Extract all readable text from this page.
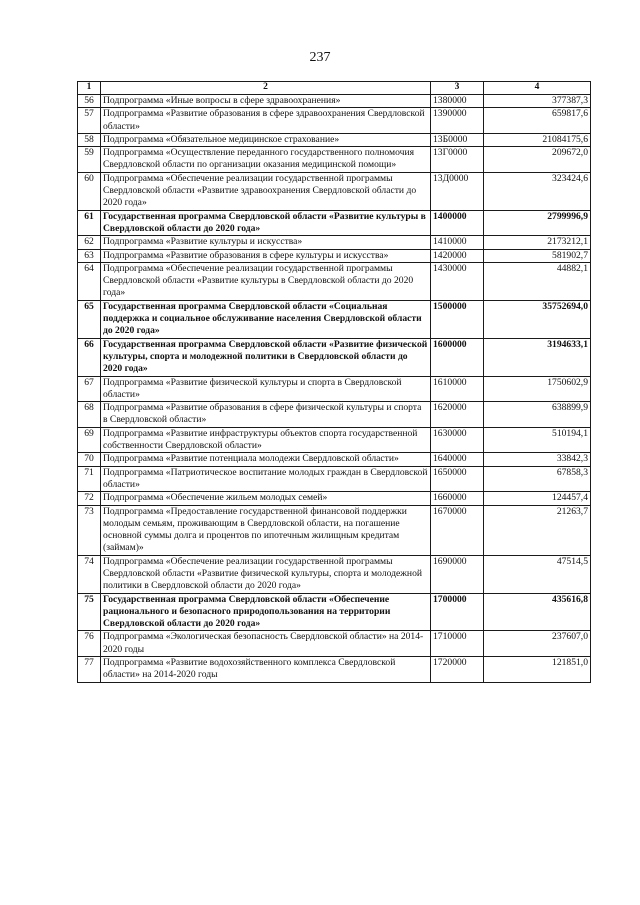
237
1	2	3	4
56	Подпрограмма «Иные вопросы в сфере здравоохранения»	1380000	377387,3
57	Подпрограмма «Развитие образования в сфере здравоохранения Свердловской области»	1390000	659817,6
58	Подпрограмма «Обязательное медицинское страхование»	13Б0000	21084175,6
59	Подпрограмма «Осуществление переданного государственного полномочия Свердловской области по организации оказания медицинской помощи»	13Г0000	209672,0
60	Подпрограмма «Обеспечение реализации государственной программы Свердловской области «Развитие здравоохранения Свердловской области до 2020 года»	13Д0000	323424,6
61	Государственная программа Свердловской области «Развитие культуры в Свердловской области до 2020 года»	1400000	2799996,9
62	Подпрограмма «Развитие культуры и искусства»	1410000	2173212,1
63	Подпрограмма «Развитие образования в сфере культуры и искусства»	1420000	581902,7
64	Подпрограмма «Обеспечение реализации государственной программы Свердловской области «Развитие культуры в Свердловской области до 2020 года»	1430000	44882,1
65	Государственная программа Свердловской области «Социальная поддержка и социальное обслуживание населения Свердловской области до 2020 года»	1500000	35752694,0
66	Государственная программа Свердловской области «Развитие физической культуры, спорта и молодежной политики в Свердловской области до 2020 года»	1600000	3194633,1
67	Подпрограмма «Развитие физической культуры и спорта в Свердловской области»	1610000	1750602,9
68	Подпрограмма «Развитие образования в сфере физической культуры и спорта в Свердловской области»	1620000	638899,9
69	Подпрограмма «Развитие инфраструктуры объектов спорта государственной собственности Свердловской области»	1630000	510194,1
70	Подпрограмма «Развитие потенциала молодежи Свердловской области»	1640000	33842,3
71	Подпрограмма «Патриотическое воспитание молодых граждан в Свердловской области»	1650000	67858,3
72	Подпрограмма «Обеспечение жильем молодых семей»	1660000	124457,4
73	Подпрограмма «Предоставление государственной финансовой поддержки молодым семьям, проживающим в Свердловской области, на погашение основной суммы долга и процентов по ипотечным жилищным кредитам (займам)»	1670000	21263,7
74	Подпрограмма «Обеспечение реализации государственной программы Свердловской области «Развитие физической культуры, спорта и молодежной политики в Свердловской области до 2020 года»	1690000	47514,5
75	Государственная программа Свердловской области «Обеспечение рационального и безопасного природопользования на территории Свердловской области до 2020 года»	1700000	435616,8
76	Подпрограмма «Экологическая безопасность Свердловской области» на 2014-2020 годы	1710000	237607,0
77	Подпрограмма «Развитие водохозяйственного комплекса Свердловской области» на 2014-2020 годы	1720000	121851,0
